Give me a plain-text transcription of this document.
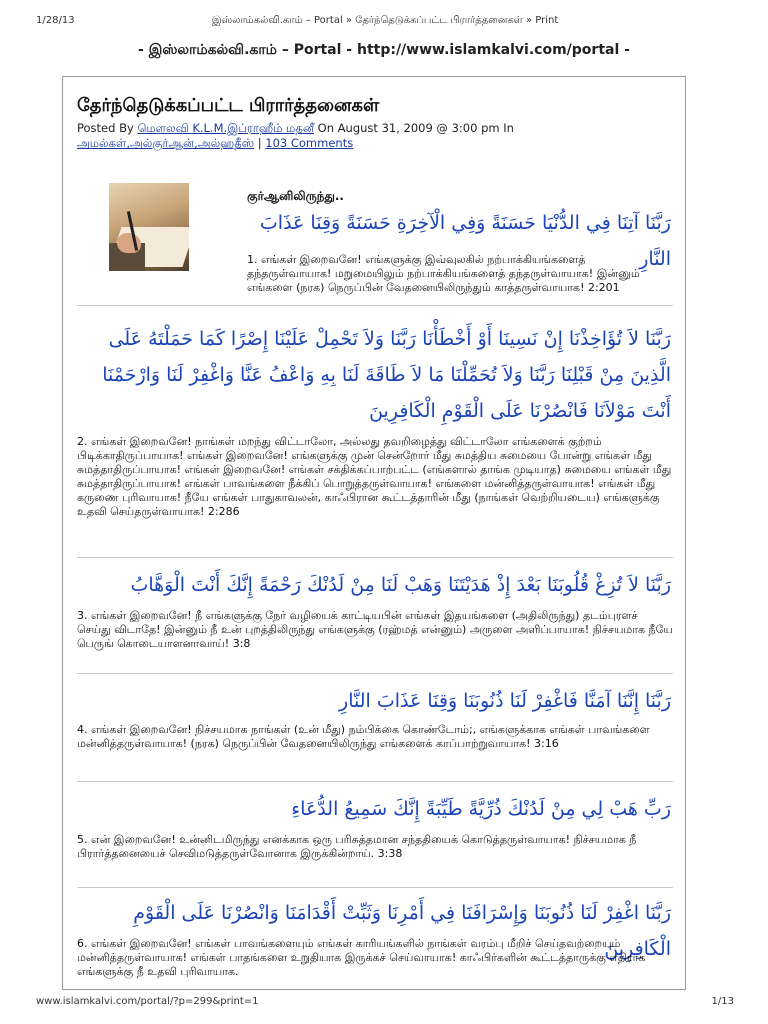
1/28/13	இஸ்லாம்கல்வி.காம் – Portal » தேர்ந்தெடுக்கப்பட்ட பிரார்த்தனைகள் » Print
- இஸ்லாம்கல்வி.காம் – Portal - http://www.islamkalvi.com/portal -
தேர்ந்தெடுக்கப்பட்ட பிரார்த்தனைகள்
Posted By மௌலவி K.L.M.இப்ராஹீம் மதனீ On August 31, 2009 @ 3:00 pm In
அமல்கள்,அல்குர்ஆன்,அல்ஹதீஸ் | 103 Comments
குர்ஆனிலிருந்து..
رَبَّنَا آتِنَا فِي الدُّنْيَا حَسَنَةً وَفِي الْآخِرَةِ حَسَنَةً وَقِنَا عَذَابَ النَّارِ
1. எங்கள் இறைவனே! எங்களுக்கு இவ்வுலகில் நற்பாக்கியங்களைத் தந்தருள்வாயாக! மறுமையிலும் நற்பாக்கியங்களைத் தந்தருள்வாயாக! இன்னும் எங்களை (நரக) நெருப்பின் வேதனையிலிருந்தும் காத்தருள்வாயாக! 2:201
رَبَّنَا لاَ تُؤَاخِذْنَا إِنْ نَسِينَا أَوْ أَخْطَأْنَا رَبَّنَا وَلاَ تَحْمِلْ عَلَيْنَا إِصْرًا كَمَا حَمَلْتَهُ عَلَى الَّذِينَ مِنْ قَبْلِنَا رَبَّنَا وَلاَ تُحَمِّلْنَا مَا لاَ طَاقَةَ لَنَا بِهِ وَاعْفُ عَنَّا وَاغْفِرْ لَنَا وَارْحَمْنَا أَنْتَ مَوْلاَنَا فَانْصُرْنَا عَلَى الْقَوْمِ الْكَافِرِينَ
2. எங்கள் இறைவனே! நாங்கள் மறந்து விட்டாலோ, அல்லது தவறிழைத்து விட்டாலோ எங்களைக் குற்றம் பிடிக்காதிருப்பாயாக! எங்கள் இறைவனே! எங்களுக்கு முன் சென்றோர் மீது சுமத்திய சுமையை போன்று எங்கள் மீது சுமத்தாதிருப்பாயாக! எங்கள் இறைவனே! எங்கள் சக்திக்கப்பாற்பட்ட (எங்களால் தாங்க முடியாத) சுமையை எங்கள் மீது சுமத்தாதிருப்பாயாக! எங்கள் பாவங்களை நீக்கிப் பொறுத்தருள்வாயாக! எங்களை மன்னித்தருள்வாயாக! எங்கள் மீது கருணை புரிவாயாக! நீயே எங்கள் பாதுகாவலன், காஃபிரான கூட்டத்தாரின் மீது (நாங்கள் வெற்றியடைய) எங்களுக்கு உதவி செய்தருள்வாயாக! 2:286
رَبَّنَا لاَ تُزِغْ قُلُوبَنَا بَعْدَ إِذْ هَدَيْتَنَا وَهَبْ لَنَا مِنْ لَدُنْكَ رَحْمَةً إِنَّكَ أَنْتَ الْوَهَّابُ
3. எங்கள் இறைவனே! நீ எங்களுக்கு நேர் வழியைக் காட்டியபின் எங்கள் இதயங்களை (அதிலிருந்து) தடம்புரளச் செய்து விடாதே! இன்னும் நீ உன் புறத்திலிருந்து எங்களுக்கு (ரஹ்மத் என்னும்) அருளை அளிப்பாயாக! நிச்சயமாக நீயே பெருங் கொடையாளனாவாய்! 3:8
رَبَّنَا إِنَّنَا آمَنَّا فَاغْفِرْ لَنَا ذُنُوبَنَا وَقِنَا عَذَابَ النَّارِ
4. எங்கள் இறைவனே! நிச்சயமாக நாங்கள் (உன் மீது) நம்பிக்கை கொண்டோம்;, எங்களுக்காக எங்கள் பாவங்களை மன்னித்தருள்வாயாக! (நரக) நெருப்பின் வேதனையிலிருந்து எங்களைக் காப்பாற்றுவாயாக! 3:16
رَبِّ هَبْ لِي مِنْ لَدُنْكَ ذُرِّيَّةً طَيِّبَةً إِنَّكَ سَمِيعُ الدُّعَاءِ
5. என் இறைவனே! உன்னிடமிருந்து எனக்காக ஒரு பரிசுத்தமான சந்ததியைக் கொடுத்தருள்வாயாக! நிச்சயமாக நீ பிரார்த்தனையைச் செவிமடுத்தருள்வோனாக இருக்கின்றாய். 3:38
رَبَّنَا اغْفِرْ لَنَا ذُنُوبَنَا وَإِسْرَافَنَا فِي أَمْرِنَا وَثَبِّتْ أَقْدَامَنَا وَانْصُرْنَا عَلَى الْقَوْمِ الْكَافِرِينَ
6. எங்கள் இறைவனே! எங்கள் பாவங்களையும் எங்கள் காரியங்களில் நாங்கள் வரம்பு மீறிச் செய்தவற்றையும் மன்னித்தருள்வாயாக! எங்கள் பாதங்களை உறுதியாக இருக்கச் செய்வாயாக! காஃபிர்களின் கூட்டத்தாருக்கு எதிராக எங்களுக்கு நீ உதவி புரிவாயாக.
www.islamkalvi.com/portal/?p=299&print=1	1/13
